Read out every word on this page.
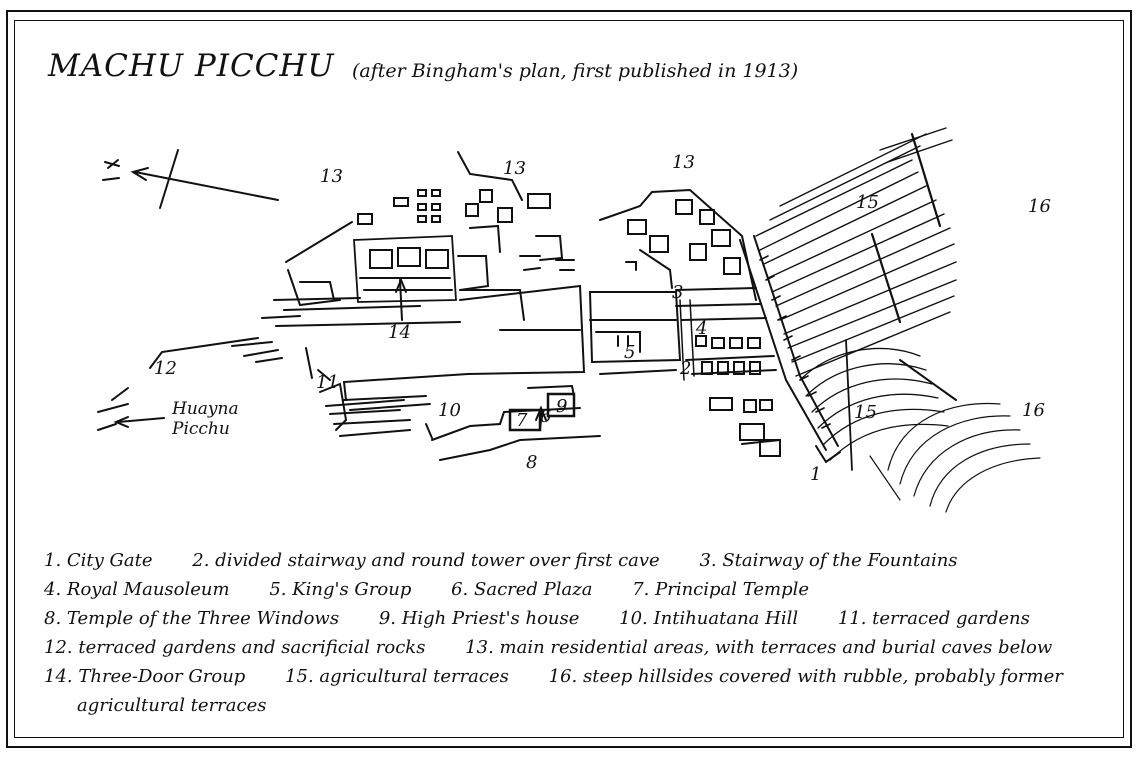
MACHU PICCHU (after Bingham's plan, first published in 1913)
13	13	13
15
15
16
16
14
12
11
10
1
2
3
4
5
6
7
8
9
Huayna
Picchu
1. City Gate 2. divided stairway and round tower over first cave 3. Stairway of the Fountains
4. Royal Mausoleum 5. King's Group 6. Sacred Plaza 7. Principal Temple
8. Temple of the Three Windows 9. High Priest's house 10. Intihuatana Hill 11. terraced gardens
12. terraced gardens and sacrificial rocks 13. main residential areas, with terraces and burial caves below
14. Three-Door Group 15. agricultural terraces 16. steep hillsides covered with rubble, probably former
agricultural terraces
